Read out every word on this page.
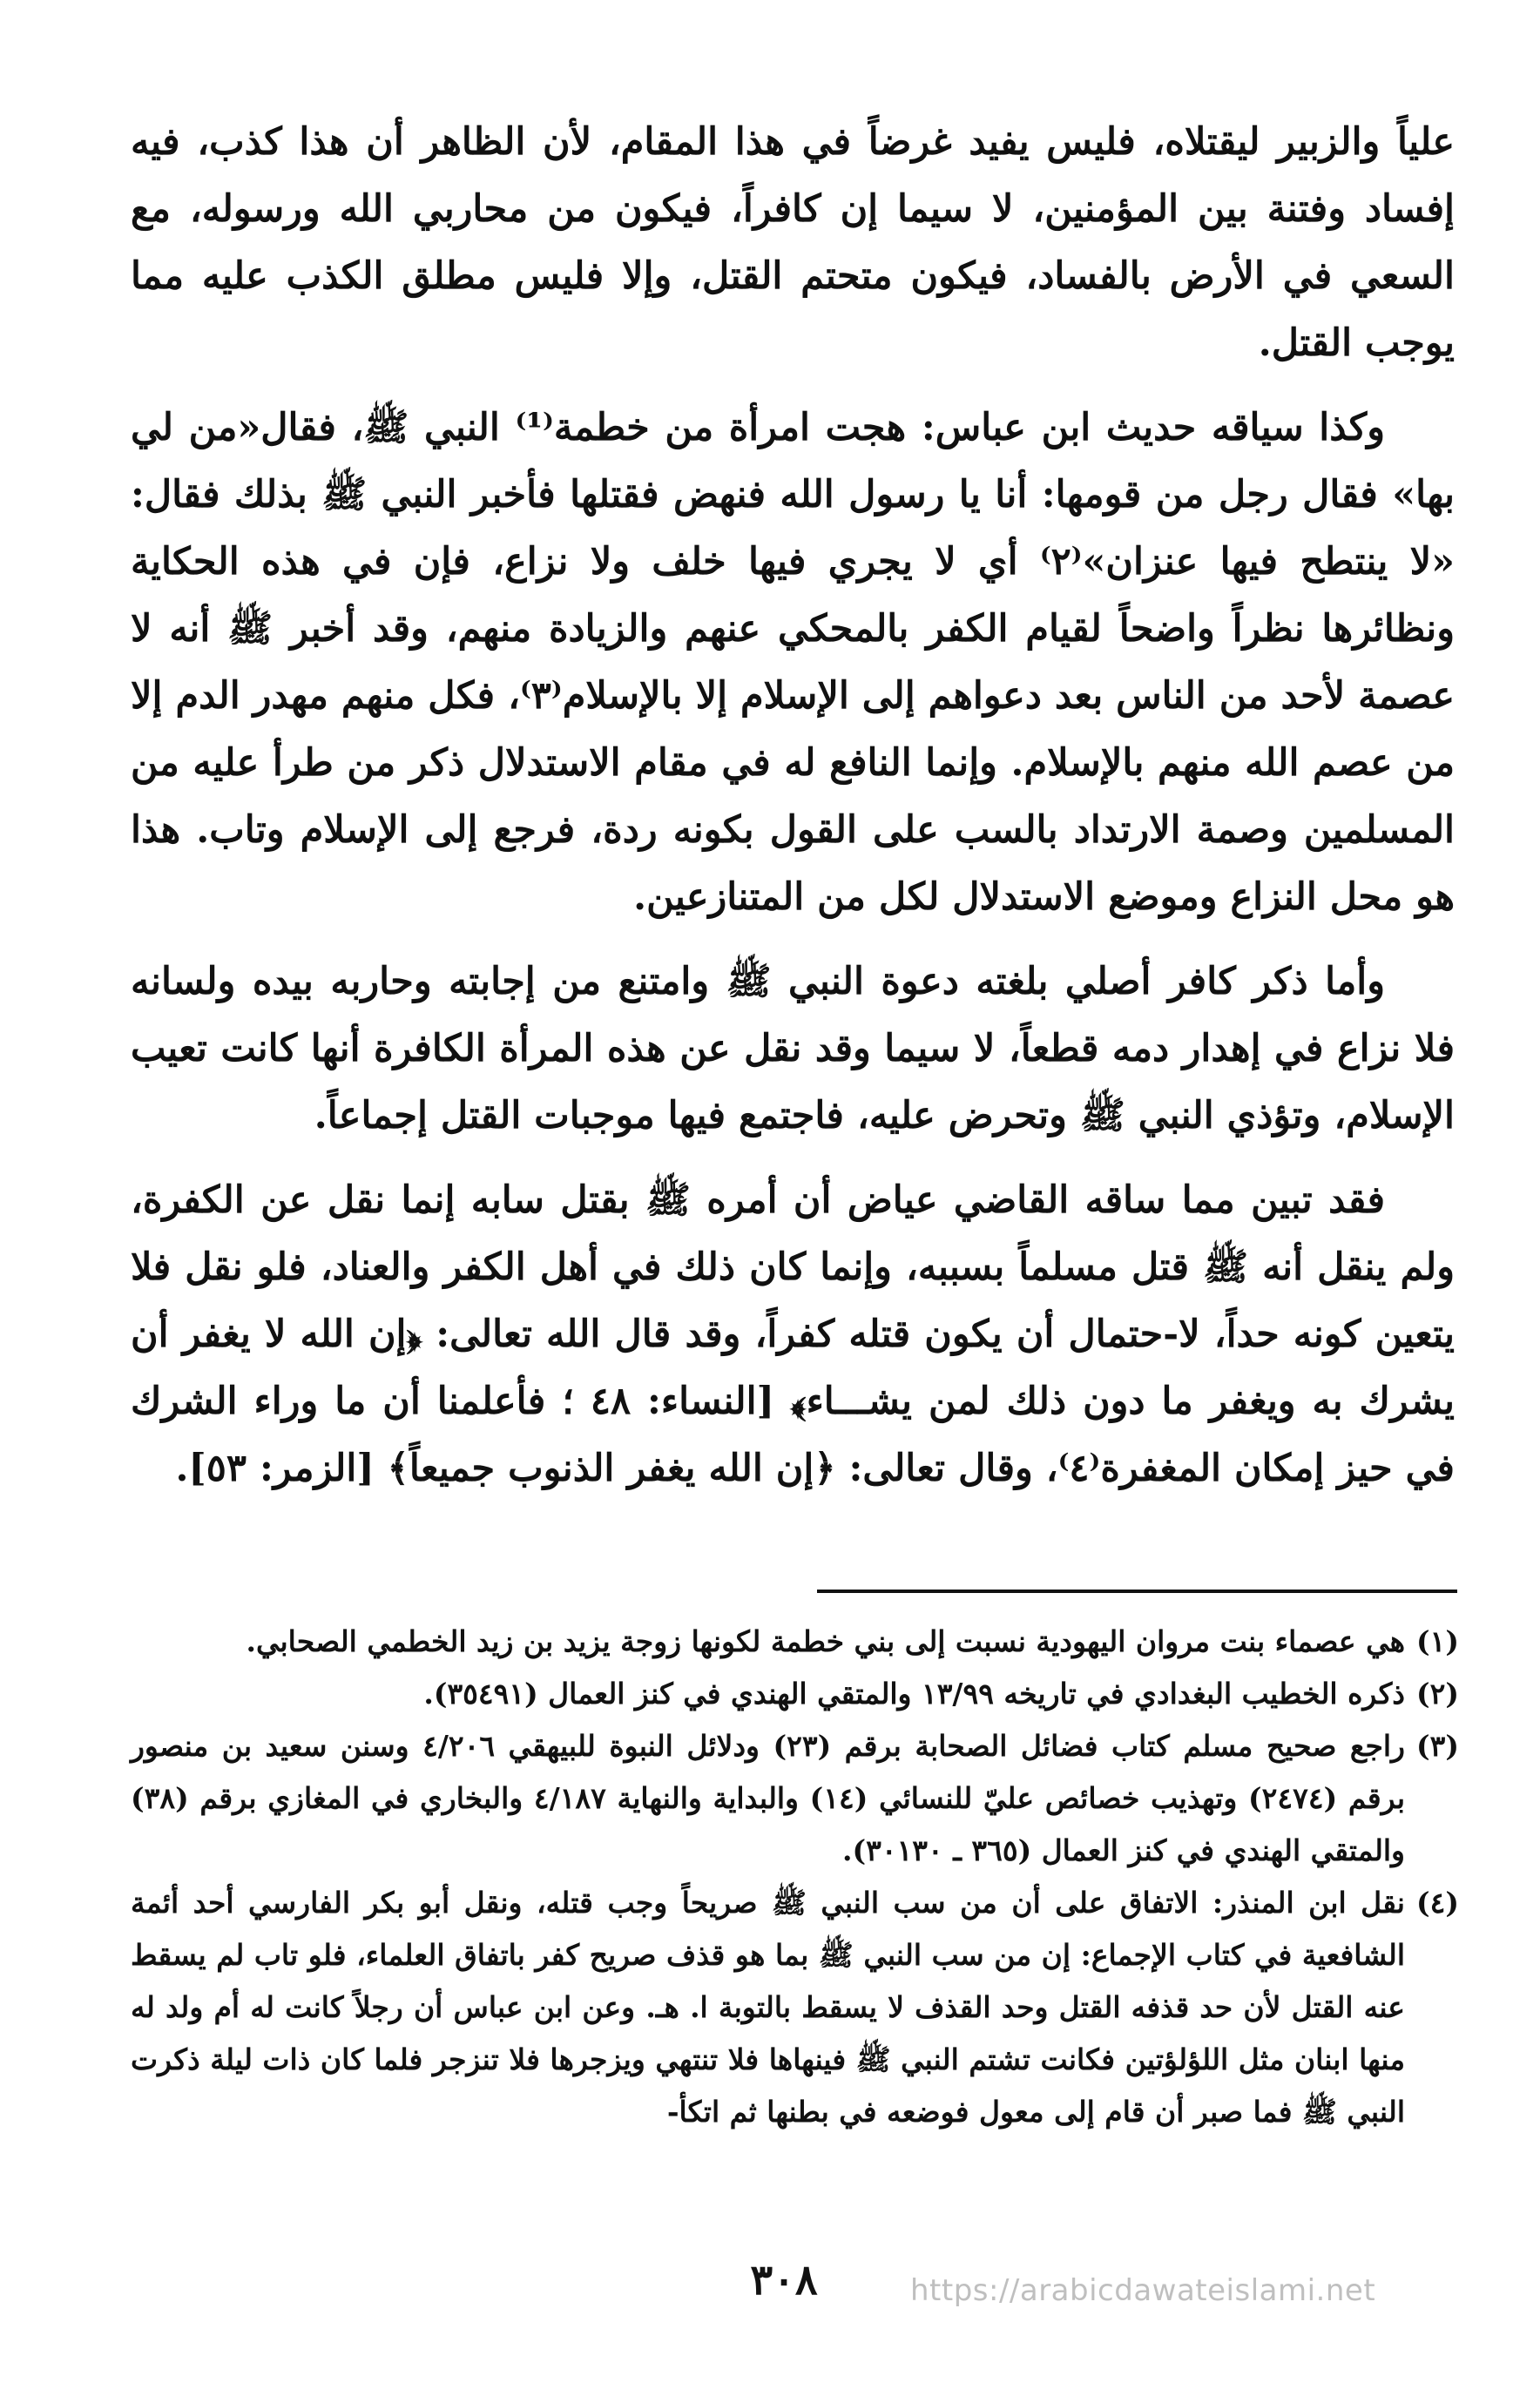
علياً والزبير ليقتلاه، فليس يفيد غرضاً في هذا المقام، لأن الظاهر أن هذا كذب، فيه إفساد وفتنة بين المؤمنين، لا سيما إن كافراً، فيكون من محاربي الله ورسوله، مع السعي في الأرض بالفساد، فيكون متحتم القتل، وإلا فليس مطلق الكذب عليه مما يوجب القتل.

وكذا سياقه حديث ابن عباس: هجت امرأة من خطمة⁽¹⁾ النبي ﷺ، فقال«من لي بها» فقال رجل من قومها: أنا يا رسول الله فنهض فقتلها فأخبر النبي ﷺ بذلك فقال: «لا ينتطح فيها عنزان»⁽٢⁾ أي لا يجري فيها خلف ولا نزاع، فإن في هذه الحكاية ونظائرها نظراً واضحاً لقيام الكفر بالمحكي عنهم والزيادة منهم، وقد أخبر ﷺ أنه لا عصمة لأحد من الناس بعد دعواهم إلى الإسلام إلا بالإسلام⁽٣⁾، فكل منهم مهدر الدم إلا من عصم الله منهم بالإسلام. وإنما النافع له في مقام الاستدلال ذكر من طرأ عليه من المسلمين وصمة الارتداد بالسب على القول بكونه ردة، فرجع إلى الإسلام وتاب. هذا هو محل النزاع وموضع الاستدلال لكل من المتنازعين.

وأما ذكر كافر أصلي بلغته دعوة النبي ﷺ وامتنع من إجابته وحاربه بيده ولسانه فلا نزاع في إهدار دمه قطعاً، لا سيما وقد نقل عن هذه المرأة الكافرة أنها كانت تعيب الإسلام، وتؤذي النبي ﷺ وتحرض عليه، فاجتمع فيها موجبات القتل إجماعاً.

فقد تبين مما ساقه القاضي عياض أن أمره ﷺ بقتل سابه إنما نقل عن الكفرة، ولم ينقل أنه ﷺ قتل مسلماً بسببه، وإنما كان ذلك في أهل الكفر والعناد، فلو نقل فلا يتعين كونه حداً، لا-حتمال أن يكون قتله كفراً، وقد قال الله تعالى: ﴿إن الله لا يغفر أن يشرك به ويغفر ما دون ذلك لمن يشـــاء﴾ [النساء: ٤٨ ؛ فأعلمنا أن ما وراء الشرك في حيز إمكان المغفرة⁽٤⁾، وقال تعالى: ﴿إن الله يغفر الذنوب جميعاً﴾ [الزمر: ٥٣].

(١)
هي عصماء بنت مروان اليهودية نسبت إلى بني خطمة لكونها زوجة يزيد بن زيد الخطمي الصحابي.

(٢)
ذكره الخطيب البغدادي في تاريخه ١٣/٩٩ والمتقي الهندي في كنز العمال (٣٥٤٩١).

(٣)
راجع صحيح مسلم كتاب فضائل الصحابة برقم (٢٣) ودلائل النبوة للبيهقي ٤/٢٠٦ وسنن سعيد بن منصور برقم (٢٤٧٤) وتهذيب خصائص عليّ للنسائي (١٤) والبداية والنهاية ٤/١٨٧ والبخاري في المغازي برقم (٣٨) والمتقي الهندي في كنز العمال (٣٦٥ ـ ٣٠١٣٠).

(٤)
نقل ابن المنذر: الاتفاق على أن من سب النبي ﷺ صريحاً وجب قتله، ونقل أبو بكر الفارسي أحد أئمة الشافعية في كتاب الإجماع: إن من سب النبي ﷺ بما هو قذف صريح كفر باتفاق العلماء، فلو تاب لم يسقط عنه القتل لأن حد قذفه القتل وحد القذف لا يسقط بالتوبة ا. هـ. وعن ابن عباس أن رجلاً كانت له أم ولد له منها ابنان مثل اللؤلؤتين فكانت تشتم النبي ﷺ فينهاها فلا تنتهي ويزجرها فلا تنزجر فلما كان ذات ليلة ذكرت النبي ﷺ فما صبر أن قام إلى معول فوضعه في بطنها ثم اتكأ-

٣٠٨	https://arabicdawateislami.net
